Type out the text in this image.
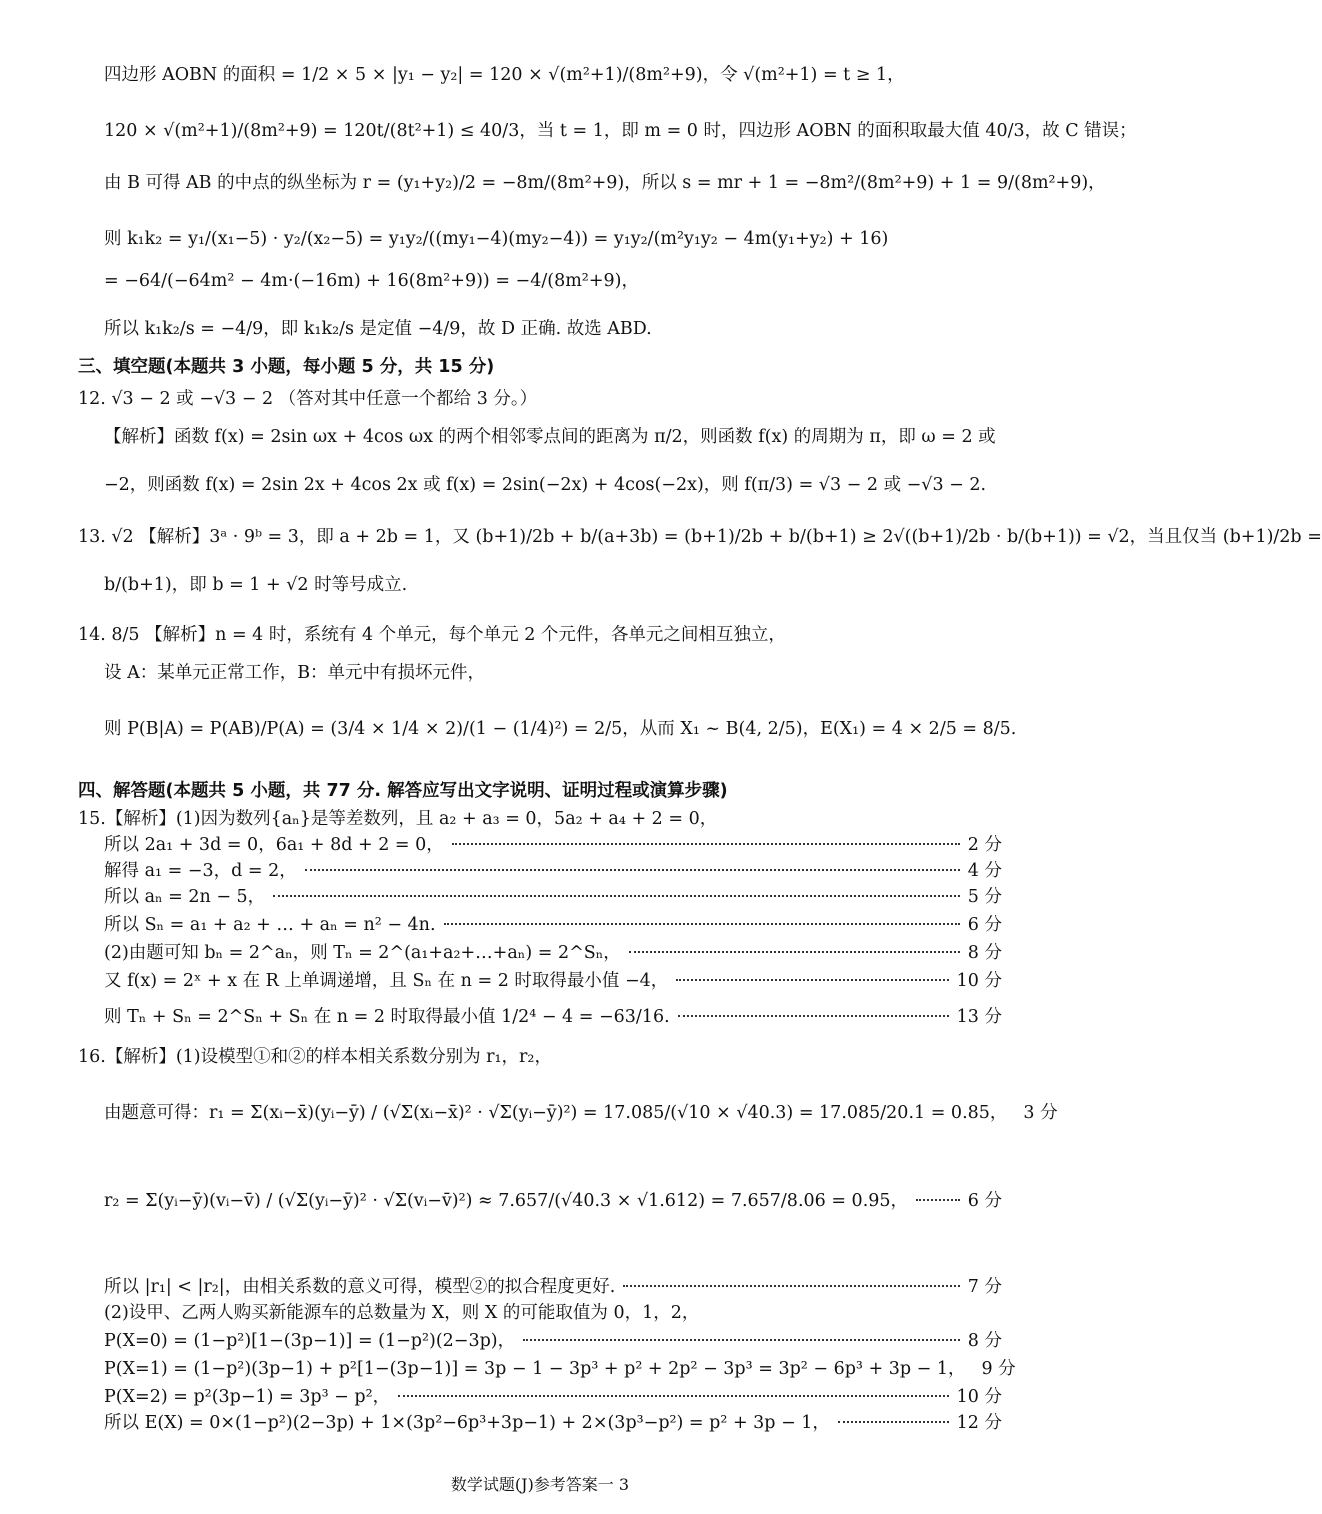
四边形 AOBN 的面积 = 1/2 × 5 × |y₁ − y₂| = 120 × √(m²+1)/(8m²+9)，令 √(m²+1) = t ≥ 1，
120 × √(m²+1)/(8m²+9) = 120t/(8t²+1) ≤ 40/3，当 t = 1，即 m = 0 时，四边形 AOBN 的面积取最大值 40/3，故 C 错误；
由 B 可得 AB 的中点的纵坐标为 r = (y₁+y₂)/2 = −8m/(8m²+9)，所以 s = mr + 1 = −8m²/(8m²+9) + 1 = 9/(8m²+9)，
则 k₁k₂ = y₁/(x₁−5) · y₂/(x₂−5) = y₁y₂/((my₁−4)(my₂−4)) = y₁y₂/(m²y₁y₂ − 4m(y₁+y₂) + 16)
= −64/(−64m² − 4m·(−16m) + 16(8m²+9)) = −4/(8m²+9)，
所以 k₁k₂/s = −4/9，即 k₁k₂/s 是定值 −4/9，故 D 正确. 故选 ABD.
三、填空题(本题共 3 小题，每小题 5 分，共 15 分)
12. √3 − 2 或 −√3 − 2 （答对其中任意一个都给 3 分。）
【解析】函数 f(x) = 2sin ωx + 4cos ωx 的两个相邻零点间的距离为 π/2，则函数 f(x) 的周期为 π，即 ω = 2 或
−2，则函数 f(x) = 2sin 2x + 4cos 2x 或 f(x) = 2sin(−2x) + 4cos(−2x)，则 f(π/3) = √3 − 2 或 −√3 − 2.
13. √2 【解析】3ᵃ · 9ᵇ = 3，即 a + 2b = 1，又 (b+1)/2b + b/(a+3b) = (b+1)/2b + b/(b+1) ≥ 2√((b+1)/2b · b/(b+1)) = √2，当且仅当 (b+1)/2b =
b/(b+1)，即 b = 1 + √2 时等号成立.
14. 8/5 【解析】n = 4 时，系统有 4 个单元，每个单元 2 个元件，各单元之间相互独立，
设 A：某单元正常工作，B：单元中有损坏元件，
则 P(B|A) = P(AB)/P(A) = (3/4 × 1/4 × 2)/(1 − (1/4)²) = 2/5，从而 X₁ ~ B(4, 2/5)，E(X₁) = 4 × 2/5 = 8/5.
四、解答题(本题共 5 小题，共 77 分. 解答应写出文字说明、证明过程或演算步骤)
15.【解析】(1)因为数列{aₙ}是等差数列，且 a₂ + a₃ = 0，5a₂ + a₄ + 2 = 0，
所以 2a₁ + 3d = 0，6a₁ + 8d + 2 = 0，	2 分
解得 a₁ = −3，d = 2，	4 分
所以 aₙ = 2n − 5，	5 分
所以 Sₙ = a₁ + a₂ + … + aₙ = n² − 4n.	6 分
(2)由题可知 bₙ = 2^aₙ，则 Tₙ = 2^(a₁+a₂+…+aₙ) = 2^Sₙ，	8 分
又 f(x) = 2ˣ + x 在 R 上单调递增，且 Sₙ 在 n = 2 时取得最小值 −4，	10 分
则 Tₙ + Sₙ = 2^Sₙ + Sₙ 在 n = 2 时取得最小值 1/2⁴ − 4 = −63/16.	13 分
16.【解析】(1)设模型①和②的样本相关系数分别为 r₁，r₂，
由题意可得：r₁ = Σ(xᵢ−x̄)(yᵢ−ȳ) / (√Σ(xᵢ−x̄)² · √Σ(yᵢ−ȳ)²) = 17.085/(√10 × √40.3) = 17.085/20.1 = 0.85， 3 分
r₂ = Σ(yᵢ−ȳ)(vᵢ−v̄) / (√Σ(yᵢ−ȳ)² · √Σ(vᵢ−v̄)²) ≈ 7.657/(√40.3 × √1.612) = 7.657/8.06 = 0.95，	6 分
所以 |r₁| < |r₂|，由相关系数的意义可得，模型②的拟合程度更好.	7 分
(2)设甲、乙两人购买新能源车的总数量为 X，则 X 的可能取值为 0，1，2，
P(X=0) = (1−p²)[1−(3p−1)] = (1−p²)(2−3p)，	8 分
P(X=1) = (1−p²)(3p−1) + p²[1−(3p−1)] = 3p − 1 − 3p³ + p² + 2p² − 3p³ = 3p² − 6p³ + 3p − 1， 9 分
P(X=2) = p²(3p−1) = 3p³ − p²，	10 分
所以 E(X) = 0×(1−p²)(2−3p) + 1×(3p²−6p³+3p−1) + 2×(3p³−p²) = p² + 3p − 1，	12 分
数学试题(J)参考答案一 3
